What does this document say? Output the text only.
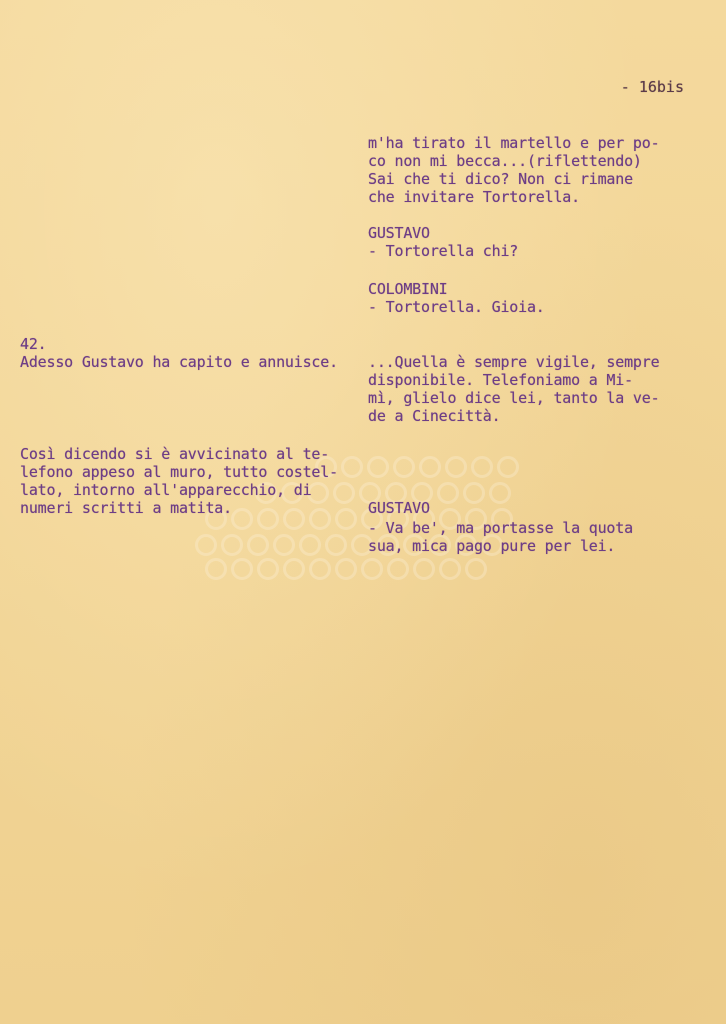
- 16bis
m'ha tirato il martello e per po-
co non mi becca...(riflettendo)
Sai che ti dico? Non ci rimane
che invitare Tortorella.
GUSTAVO
- Tortorella chi?
COLOMBINI
- Tortorella. Gioia.
42.
Adesso Gustavo ha capito e annuisce. ...Quella è sempre vigile, sempre
disponibile. Telefoniamo a Mi-
mì, glielo dice lei, tanto la ve-
de a Cinecittà.
Così dicendo si è avvicinato al te-
lefono appeso al muro, tutto costel-
lato, intorno all'apparecchio, di
numeri scritti a matita.	GUSTAVO
- Va be', ma portasse la quota
sua, mica pago pure per lei.
